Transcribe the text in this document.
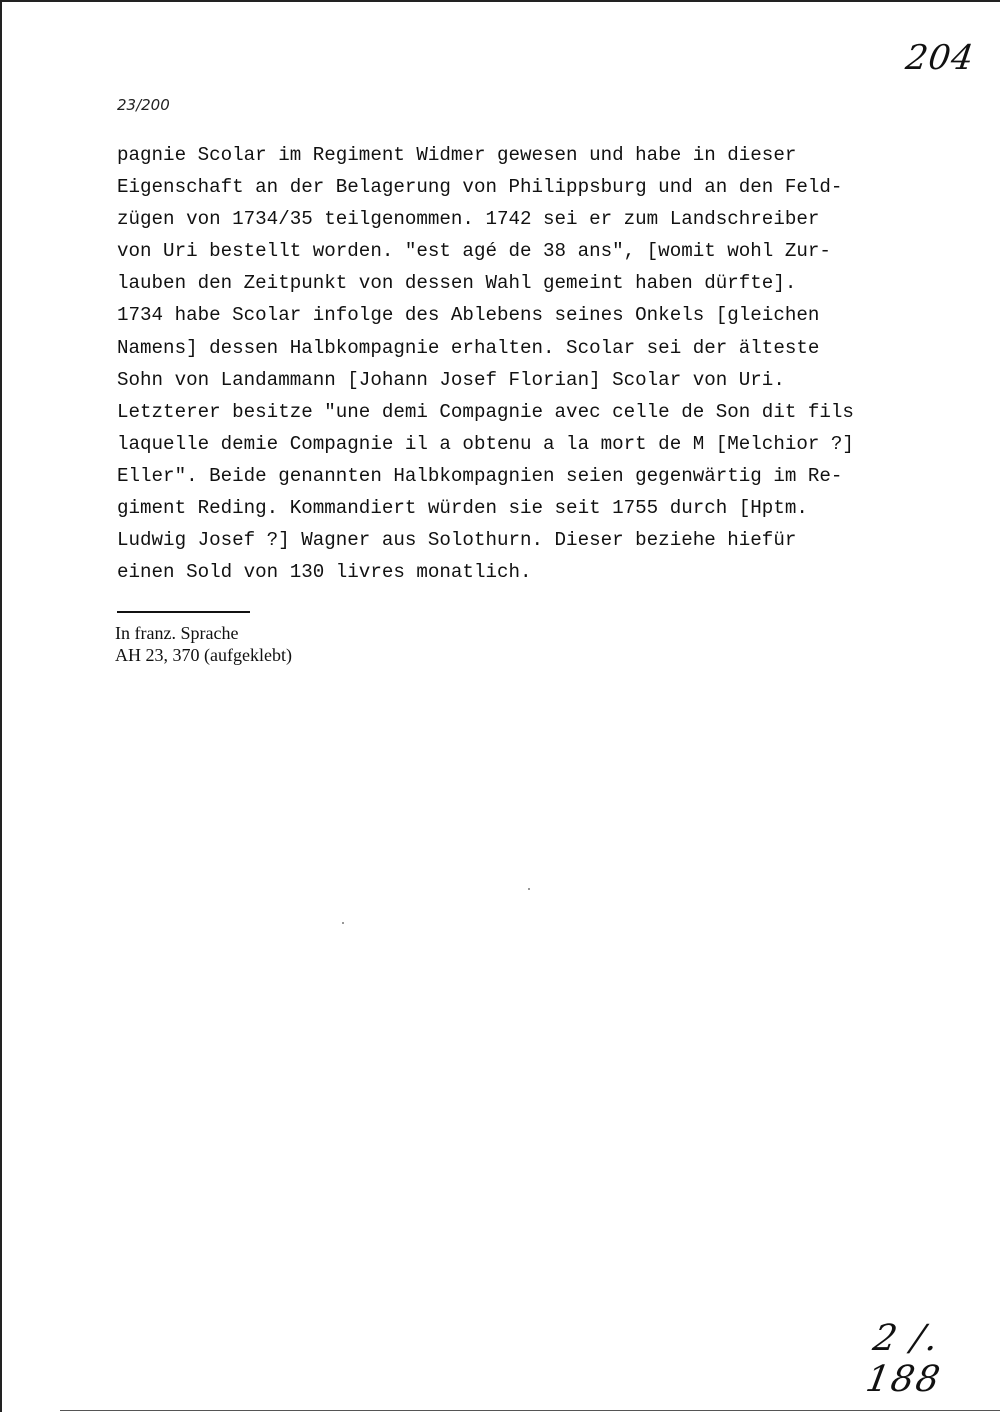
204
23/200
pagnie Scolar im Regiment Widmer gewesen und habe in dieser
Eigenschaft an der Belagerung von Philippsburg und an den Feld-
zügen von 1734/35 teilgenommen. 1742 sei er zum Landschreiber
von Uri bestellt worden. "est agé de 38 ans", [womit wohl Zur-
lauben den Zeitpunkt von dessen Wahl gemeint haben dürfte].
1734 habe Scolar infolge des Ablebens seines Onkels [gleichen
Namens] dessen Halbkompagnie erhalten. Scolar sei der älteste
Sohn von Landammann [Johann Josef Florian] Scolar von Uri.
Letzterer besitze "une demi Compagnie avec celle de Son dit fils
laquelle demie Compagnie il a obtenu a la mort de M [Melchior ?]
Eller". Beide genannten Halbkompagnien seien gegenwärtig im Re-
giment Reding. Kommandiert würden sie seit 1755 durch [Hptm.
Ludwig Josef ?] Wagner aus Solothurn. Dieser beziehe hiefür
einen Sold von 130 livres monatlich.
In franz. Sprache
AH 23, 370 (aufgeklebt)
2 /. 188
